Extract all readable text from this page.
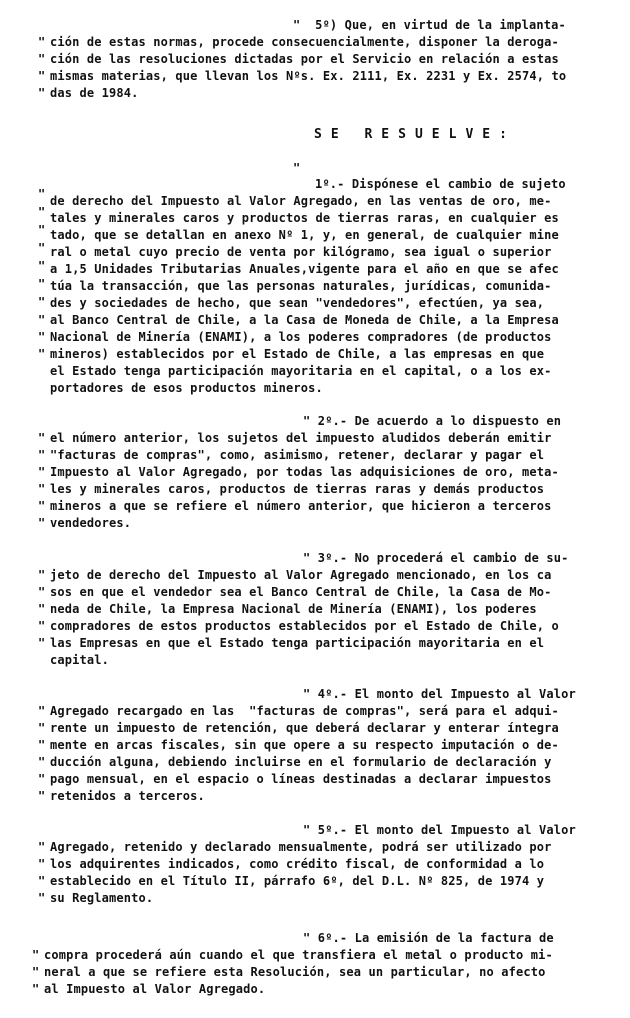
"  5º) Que, en virtud de la implanta-
" ción de estas normas, procede consecuencialmente, disponer la deroga-
" ción de las resoluciones dictadas por el Servicio en relación a estas
" mismas materias, que llevan los Nºs. Ex. 2111, Ex. 2231 y Ex. 2574, to
" das de 1984.
SE RESUELVE:
"
1º.- Dispónese el cambio de sujeto
" de derecho del Impuesto al Valor Agregado, en las ventas de oro, me-
" tales y minerales caros y productos de tierras raras, en cualquier es
" tado, que se detallan en anexo Nº 1, y, en general, de cualquier mine
" ral o metal cuyo precio de venta por kilógramo, sea igual o superior
" a 1,5 Unidades Tributarias Anuales,vigente para el año en que se afec
" túa la transacción, que las personas naturales, jurídicas, comunida-
" des y sociedades de hecho, que sean "vendedores", efectúen, ya sea,
" al Banco Central de Chile, a la Casa de Moneda de Chile, a la Empresa
" Nacional de Minería (ENAMI), a los poderes compradores (de productos
" mineros) establecidos por el Estado de Chile, a las empresas en que
el Estado tenga participación mayoritaria en el capital, o a los ex-
portadores de esos productos mineros.
" 2º.- De acuerdo a lo dispuesto en
" el número anterior, los sujetos del impuesto aludidos deberán emitir
" "facturas de compras", como, asimismo, retener, declarar y pagar el
" Impuesto al Valor Agregado, por todas las adquisiciones de oro, meta-
" les y minerales caros, productos de tierras raras y demás productos
" mineros a que se refiere el número anterior, que hicieron a terceros
" vendedores.
" 3º.- No procederá el cambio de su-
" jeto de derecho del Impuesto al Valor Agregado mencionado, en los ca
" sos en que el vendedor sea el Banco Central de Chile, la Casa de Mo-
" neda de Chile, la Empresa Nacional de Minería (ENAMI), los poderes
" compradores de estos productos establecidos por el Estado de Chile, o
" las Empresas en que el Estado tenga participación mayoritaria en el
capital.
" 4º.- El monto del Impuesto al Valor
" Agregado recargado en las  "facturas de compras", será para el adqui-
" rente un impuesto de retención, que deberá declarar y enterar íntegra
" mente en arcas fiscales, sin que opere a su respecto imputación o de-
" ducción alguna, debiendo incluirse en el formulario de declaración y
" pago mensual, en el espacio o líneas destinadas a declarar impuestos
" retenidos a terceros.
" 5º.- El monto del Impuesto al Valor
" Agregado, retenido y declarado mensualmente, podrá ser utilizado por
" los adquirentes indicados, como crédito fiscal, de conformidad a lo
" establecido en el Título II, párrafo 6º, del D.L. Nº 825, de 1974 y
" su Reglamento.
" 6º.- La emisión de la factura de
" compra procederá aún cuando el que transfiera el metal o producto mi-
" neral a que se refiere esta Resolución, sea un particular, no afecto
" al Impuesto al Valor Agregado.
